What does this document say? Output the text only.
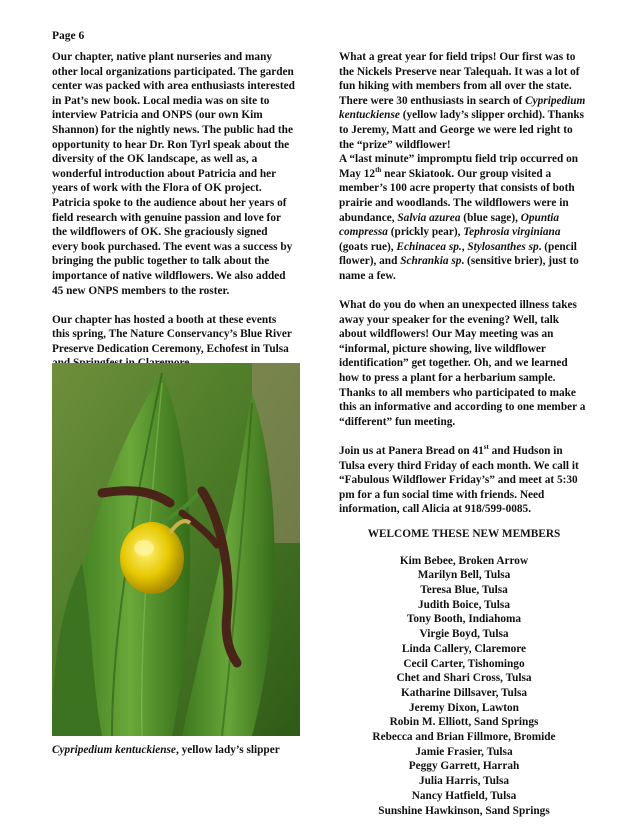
Page 6

Our chapter, native plant nurseries and many other local organizations participated. The garden center was packed with area enthusiasts interested in Pat’s new book. Local media was on site to interview Patricia and ONPS (our own Kim Shannon) for the nightly news. The public had the opportunity to hear Dr. Ron Tyrl speak about the diversity of the OK landscape, as well as, a wonderful introduction about Patricia and her years of work with the Flora of OK project. Patricia spoke to the audience about her years of field research with genuine passion and love for the wildflowers of OK. She graciously signed every book purchased. The event was a success by bringing the public together to talk about the importance of native wildflowers. We also added 45 new ONPS members to the roster.

Our chapter has hosted a booth at these events this spring, The Nature Conservancy’s Blue River Preserve Dedication Ceremony, Echofest in Tulsa

Cypripedium kentuckiense, yellow lady’s slipper

What a great year for field trips! Our first was to the Nickels Preserve near Talequah. It was a lot of fun hiking with members from all over the state. There were 30 enthusiasts in search of Cypripedium kentuckiense (yellow lady’s slipper orchid). Thanks to Jeremy, Matt and George we were led right to the “prize” wildflower!

A “last minute” impromptu field trip occurred on May 12th near Skiatook. Our group visited a member’s 100 acre property that consists of both prairie and woodlands. The wildflowers were in abundance, Salvia azurea (blue sage), Opuntia compressa (prickly pear), Tephrosia virginiana (goats rue), Echinacea sp., Stylosanthes sp. (pencil flower), and Schrankia sp. (sensitive brier), just to name a few.

What do you do when an unexpected illness takes away your speaker for the evening? Well, talk about wildflowers! Our May meeting was an “informal, picture showing, live wildflower identification” get together. Oh, and we learned how to press a plant for a herbarium sample. Thanks to all members who participated to make this an informative and according to one member a “different” fun meeting.

Join us at Panera Bread on 41st and Hudson in Tulsa every third Friday of each month. We call it “Fabulous Wildflower Friday’s” and meet at 5:30 pm for a fun social time with friends. Need information, call Alicia at 918/599-0085.

WELCOME THESE NEW MEMBERS
Kim Bebee, Broken Arrow
Marilyn Bell, Tulsa
Teresa Blue, Tulsa
Judith Boice, Tulsa
Tony Booth, Indiahoma
Virgie Boyd, Tulsa
Linda Callery, Claremore
Cecil Carter, Tishomingo
Chet and Shari Cross, Tulsa
Katharine Dillsaver, Tulsa
Jeremy Dixon, Lawton
Robin M. Elliott, Sand Springs
Rebecca and Brian Fillmore, Bromide
Jamie Frasier, Tulsa
Peggy Garrett, Harrah
Julia Harris, Tulsa
Nancy Hatfield, Tulsa
Sunshine Hawkinson, Sand Springs
